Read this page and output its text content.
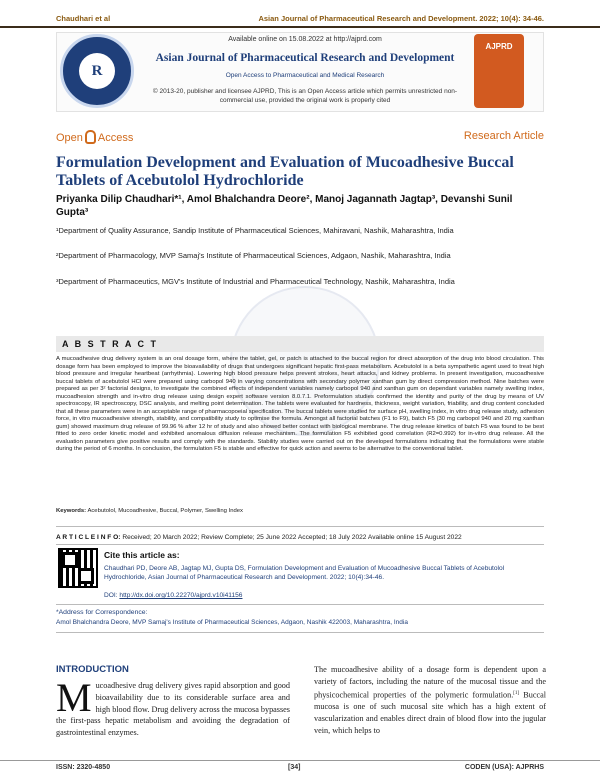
Chaudhari et al	Asian Journal of Pharmaceutical Research and Development. 2022; 10(4): 34-46.
R
AJPRD
Available online on 15.08.2022 at http://ajprd.com
Asian Journal of Pharmaceutical Research and Development
Open Access to Pharmaceutical and Medical Research
© 2013-20, publisher and licensee AJPRD, This is an Open Access article which permits unrestricted non-commercial use, provided the original work is properly cited
Open Access	Research Article
Formulation Development and Evaluation of Mucoadhesive Buccal Tablets of Acebutolol Hydrochloride
Priyanka Dilip Chaudhari*¹, Amol Bhalchandra Deore², Manoj Jagannath Jagtap³, Devanshi Sunil Gupta³
¹Department of Quality Assurance, Sandip Institute of Pharmaceutical Sciences, Mahiravani, Nashik, Maharashtra, India
²Department of Pharmacology, MVP Samaj's Institute of Pharmaceutical Sciences, Adgaon, Nashik, Maharashtra, India
³Department of Pharmaceutics, MGV's Institute of Industrial and Pharmaceutical Technology, Nashik, Maharashtra, India
A B S T R A C T
A mucoadhesive drug delivery system is an oral dosage form, where the tablet, gel, or patch is attached to the buccal region for direct absorption of the drug into blood circulation. This dosage form has been employed to improve the bioavailability of drugs that undergoes significant hepatic first-pass metabolism. Acebutolol is a beta sympathetic agent used to treat high blood pressure and irregular heartbeat (arrhythmia). Lowering high blood pressure helps prevent strokes, heart attacks, and kidney problems. In present investigation, mucoadhesive buccal tablets of acebutolol HCl were prepared using carbopol 940 in varying concentrations with secondary polymer xanthan gum by direct compression method. Nine batches were prepared as per 3² factorial designs, to investigate the combined effects of independent variables namely carbopol 940 and xanthan gum on dependant variables namely swelling index, mucoadhesion strength and in-vitro drug release using design expert software version 8.0.7.1. Preformulation studies confirmed the identity and purity of the drug by means of UV spectroscopy, IR spectroscopy, DSC analysis, and melting point determination. The tablets were evaluated for hardness, thickness, weight variation, friability, and drug content concluded that all these parameters were in an acceptable range of pharmacopoeial specification. The buccal tablets were studied for surface pH, swelling index, in vitro drug release study, adhesion force, in vitro mucoadhesive strength, stability, and compatibility study to optimise the formula. Amongst all factorial batches (F1 to F9), batch F5 (30 mg carbopol 940 and 20 mg xanthan gum) showed maximum drug release of 99.96 % after 12 hr of study and also showed better contact with biological membrane. The drug release kinetics of batch F5 was found to be best fitted to zero order kinetic model and exhibited anomalous diffusion release mechanism. The formulation F5 exhibited good correlation (R2=0.992) for in-vitro drug release. All the evaluation parameters give positive results and comply with the standards. Stability studies were carried out on the developed formulations indicating that the formulations were stable during the period of 6 months. In conclusion, the formulation F5 is stable and effective for quick action and seems to be alternative to the conventional tablet.
Keywords: Acebutolol, Mucoadhesive, Buccal, Polymer, Swelling Index
A R T I C L E I N F O: Received; 20 March 2022; Review Complete; 25 June 2022 Accepted; 18 July 2022 Available online 15 August 2022
Cite this article as:
Chaudhari PD, Deore AB, Jagtap MJ, Gupta DS, Formulation Development and Evaluation of Mucoadhesive Buccal Tablets of Acebutolol Hydrochloride, Asian Journal of Pharmaceutical Research and Development. 2022; 10(4):34-46.
DOI: http://dx.doi.org/10.22270/ajprd.v10i41156
*Address for Correspondence:
Amol Bhalchandra Deore, MVP Samaj's Institute of Pharmaceutical Sciences, Adgaon, Nashik 422003, Maharashtra, India
INTRODUCTION
M ucoadhesive drug delivery gives rapid absorption and good bioavailability due to its considerable surface area and high blood flow. Drug delivery across the mucosa bypasses the first-pass hepatic metabolism and avoiding the degradation of gastrointestinal enzymes.
The mucoadhesive ability of a dosage form is dependent upon a variety of factors, including the nature of the mucosal tissue and the physicochemical properties of the polymeric formulation.[1] Buccal mucosa is one of such mucosal site which has a high extent of vascularization and enables direct drain of blood flow into the jugular vein, which helps to
ISSN: 2320-4850	[34]	CODEN (USA): AJPRHS
